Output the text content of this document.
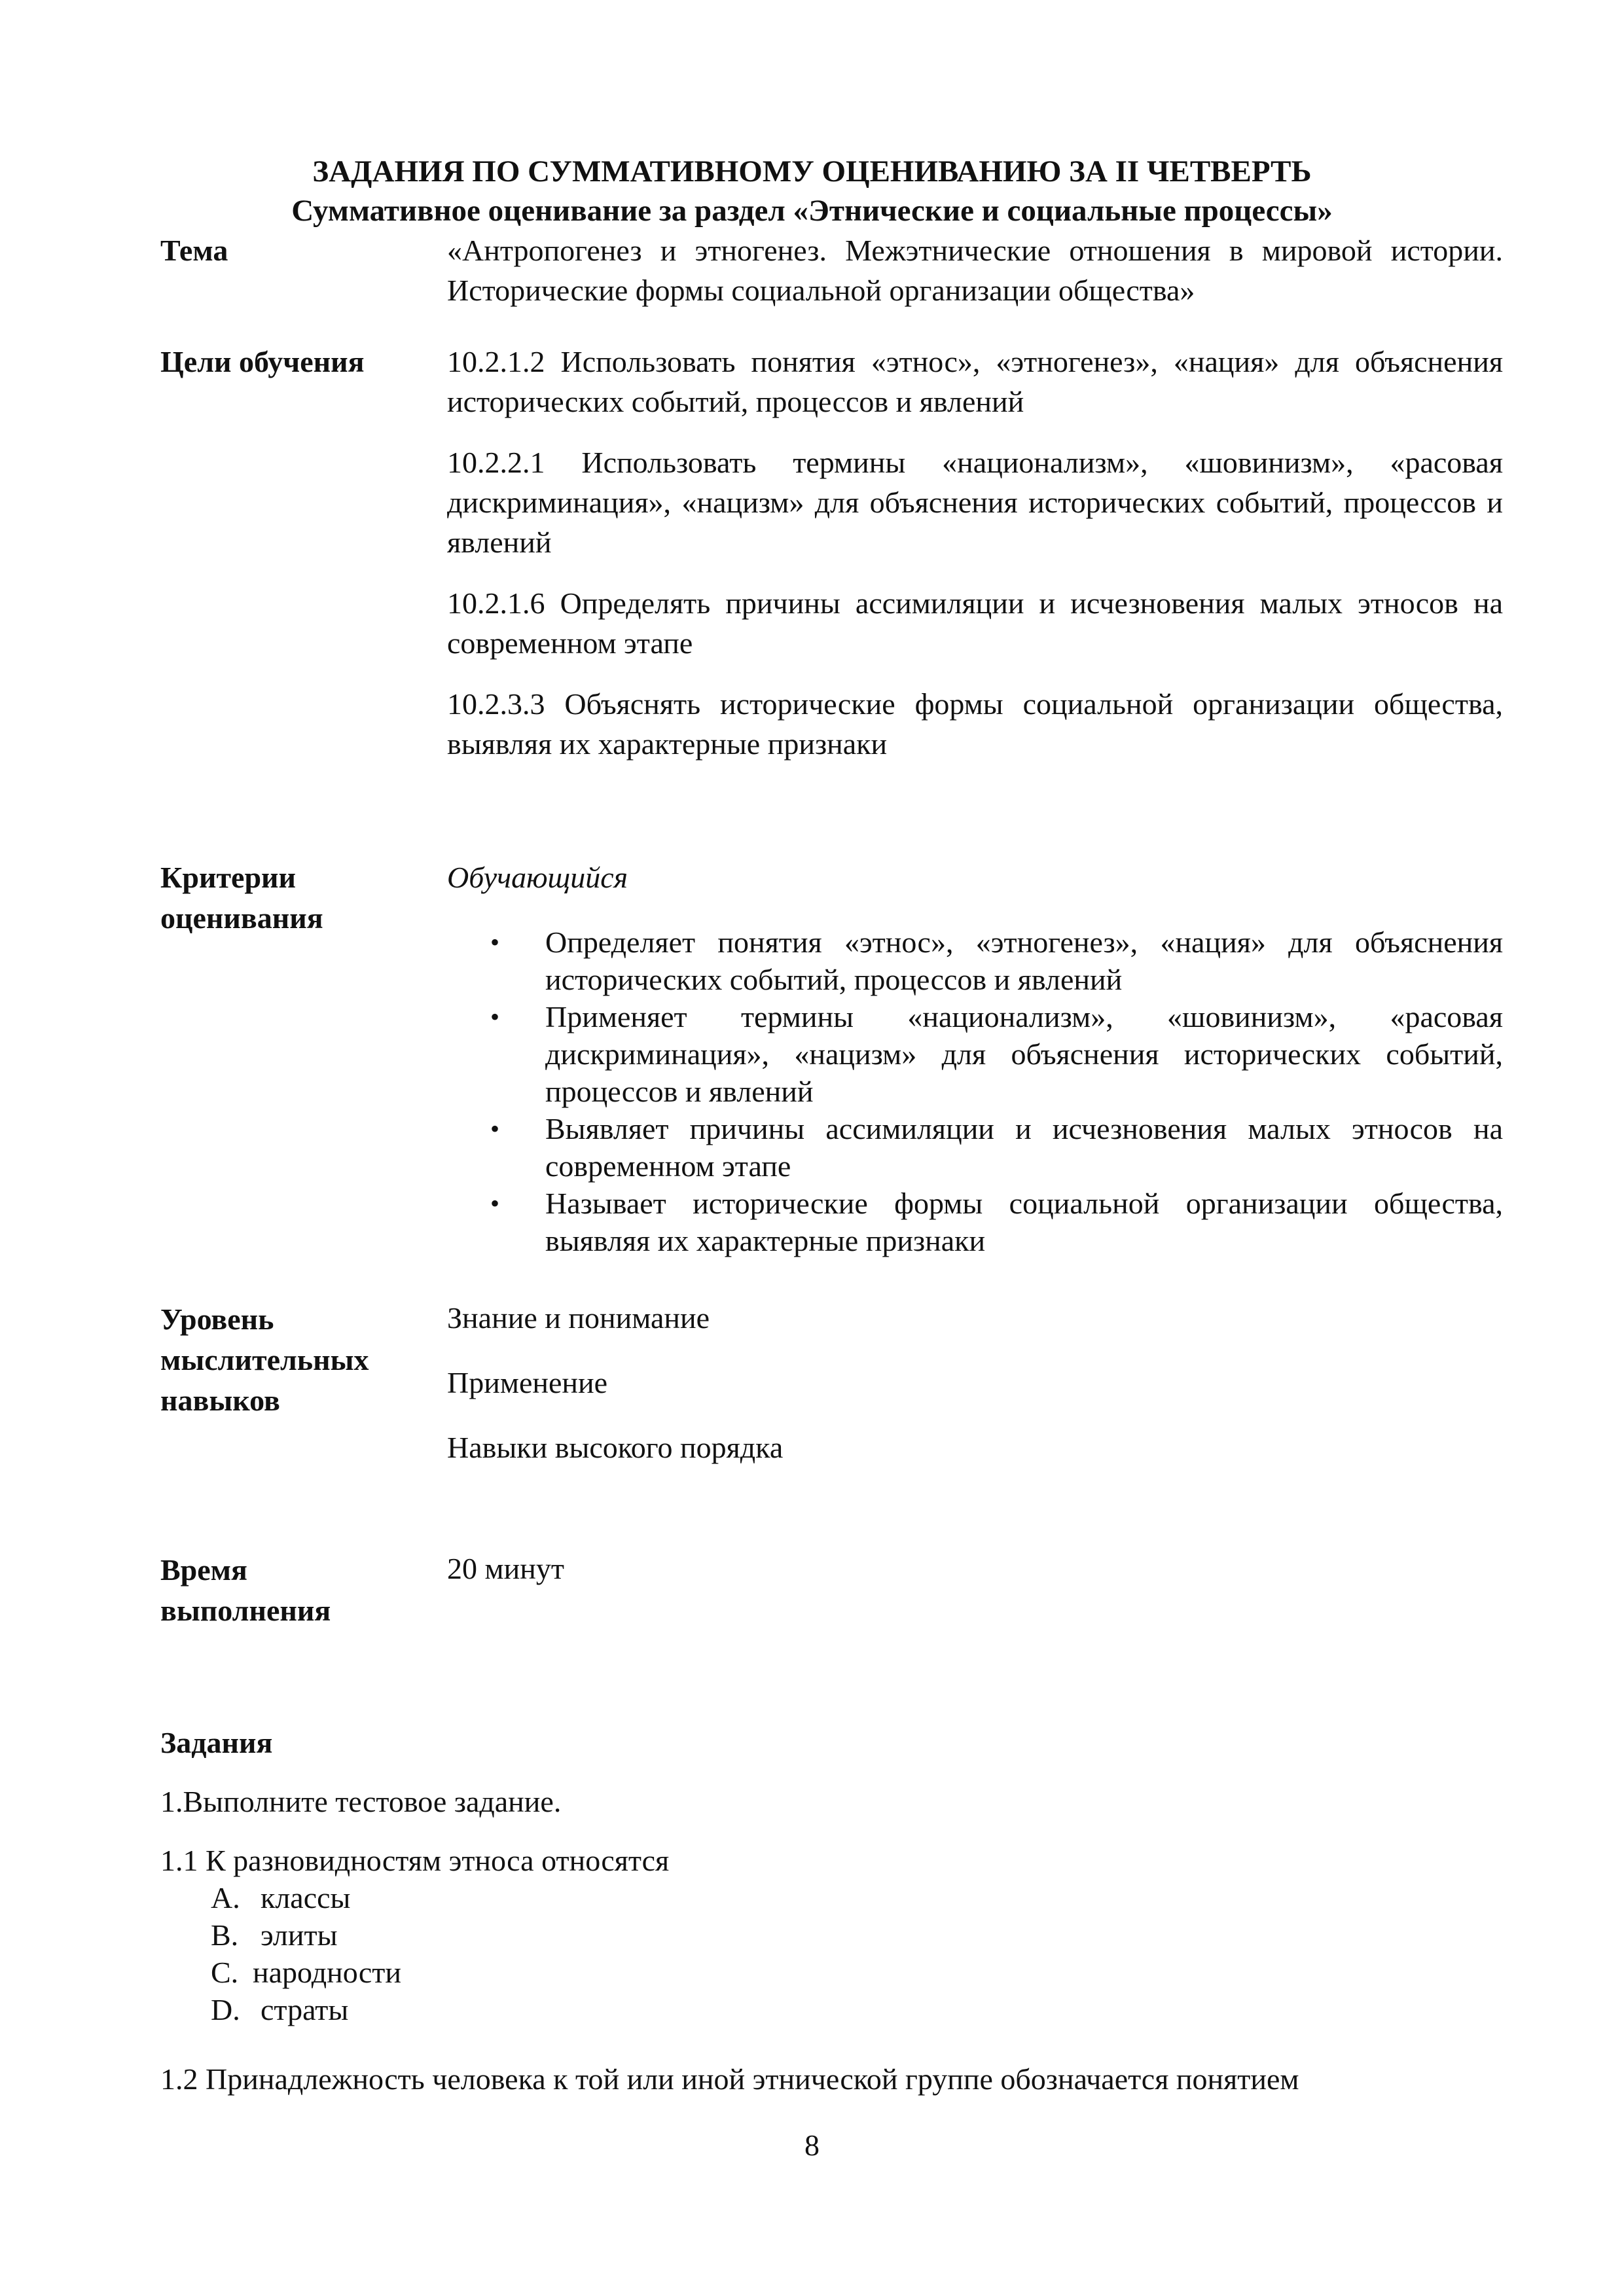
ЗАДАНИЯ ПО СУММАТИВНОМУ ОЦЕНИВАНИЮ ЗА II ЧЕТВЕРТЬ
Суммативное оценивание за раздел «Этнические и социальные процессы»
Тема	«Антропогенез и этногенез. Межэтнические отношения в мировой истории. Исторические формы социальной организации общества»
Цели обучения	10.2.1.2 Использовать понятия «этнос», «этногенез», «нация» для объяснения исторических событий, процессов и явлений

10.2.2.1 Использовать термины «национализм», «шовинизм», «расовая дискриминация», «нацизм» для объяснения исторических событий, процессов и явлений

10.2.1.6 Определять причины ассимиляции и исчезновения малых этносов на современном этапе

10.2.3.3 Объяснять исторические формы социальной организации общества, выявляя их характерные признаки

Критерии
оценивания
Обучающийся
• Определяет понятия «этнос», «этногенез», «нация» для объяснения исторических событий, процессов и явлений
• Применяет термины «национализм», «шовинизм», «расовая дискриминация», «нацизм» для объяснения исторических событий, процессов и явлений
• Выявляет причины ассимиляции и исчезновения малых этносов на современном этапе
• Называет исторические формы социальной организации общества, выявляя их характерные признаки
Уровень
мыслительных
навыков
Знание и понимание
Применение
Навыки высокого порядка
Время
выполнения
20 минут
Задания
1.Выполните тестовое задание.
1.1 К разновидностям этноса относятся
A. классы
B. элиты
C. народности
D. страты
1.2 Принадлежность человека к той или иной этнической группе обозначается понятием
8
